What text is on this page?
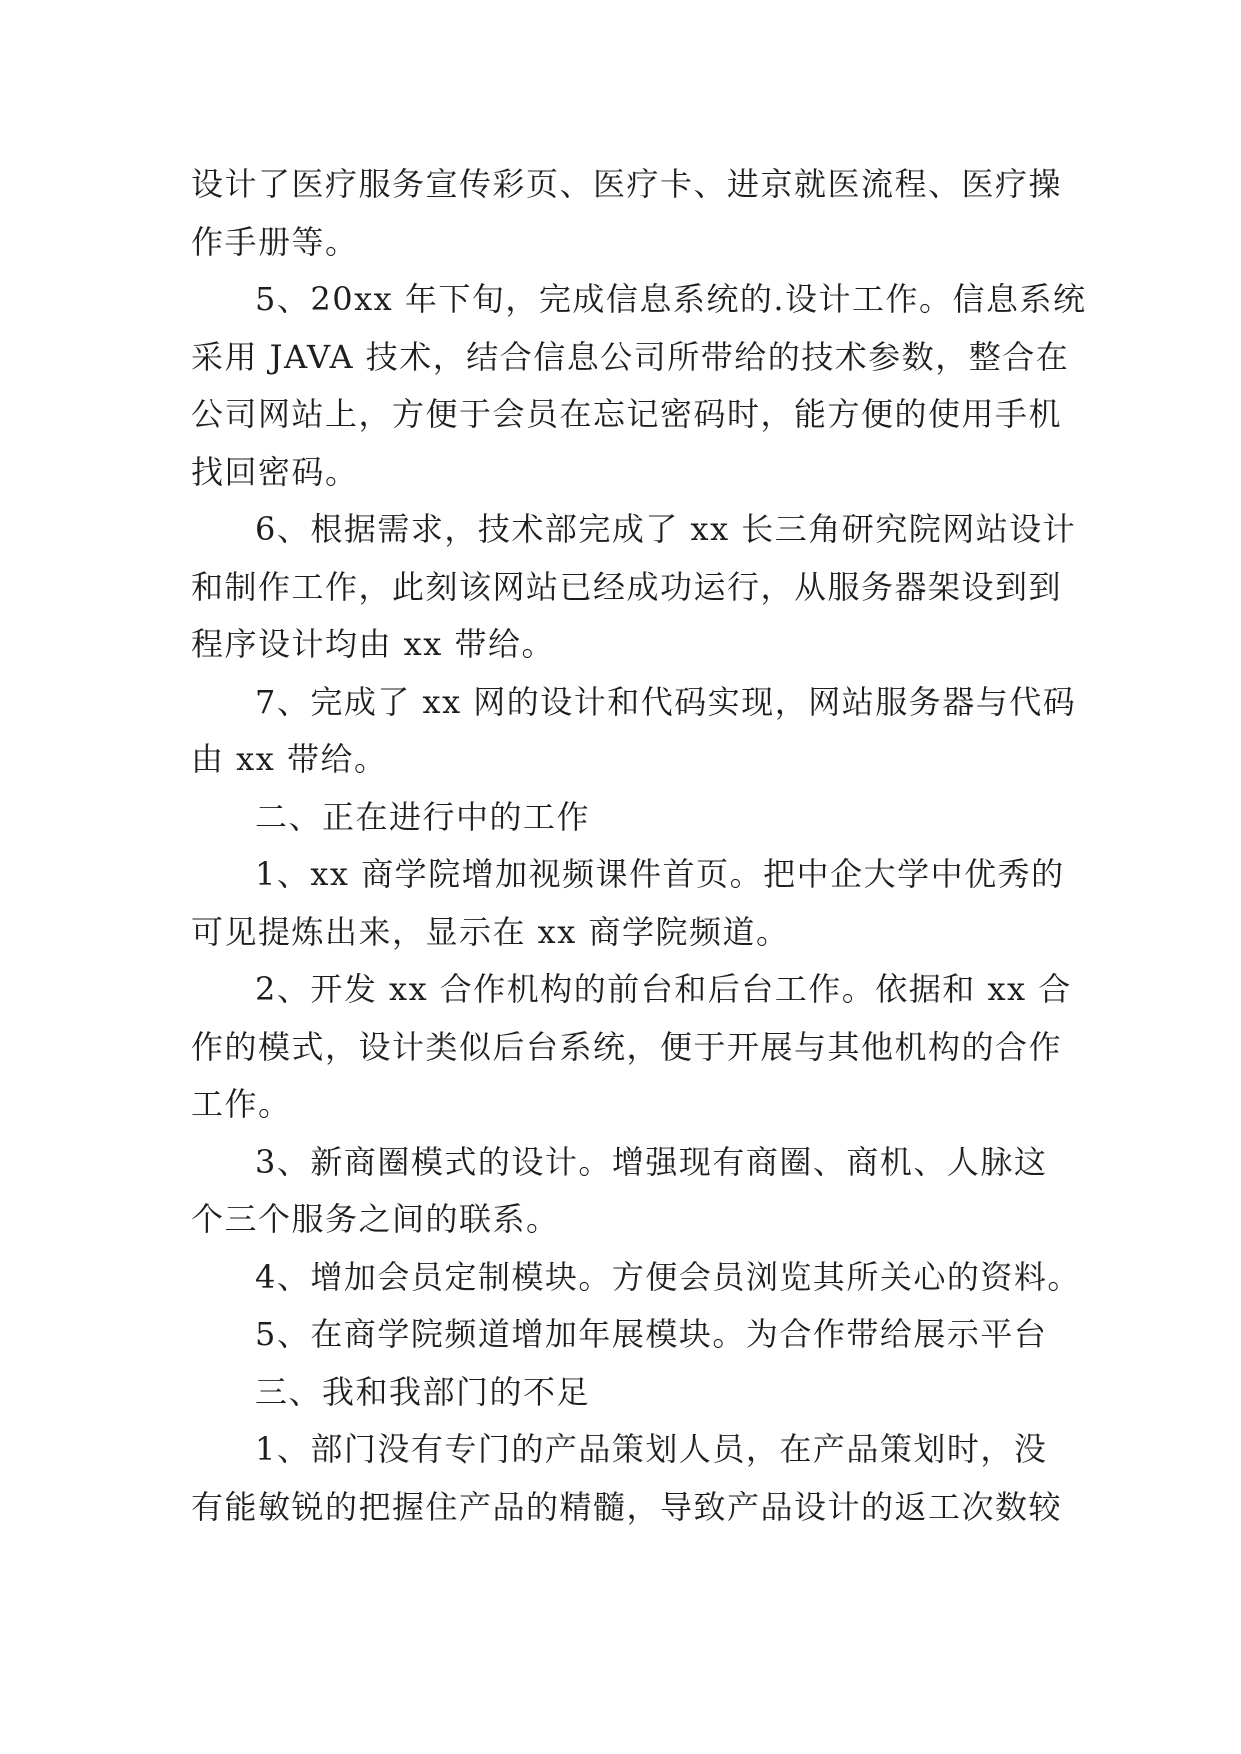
设计了医疗服务宣传彩页、医疗卡、进京就医流程、医疗操
作手册等。
5、20xx 年下旬，完成信息系统的.设计工作。信息系统
采用 JAVA 技术，结合信息公司所带给的技术参数，整合在
公司网站上，方便于会员在忘记密码时，能方便的使用手机
找回密码。
6、根据需求，技术部完成了 xx 长三角研究院网站设计
和制作工作，此刻该网站已经成功运行，从服务器架设到到
程序设计均由 xx 带给。
7、完成了 xx 网的设计和代码实现，网站服务器与代码
由 xx 带给。
二、正在进行中的工作
1、xx 商学院增加视频课件首页。把中企大学中优秀的
可见提炼出来，显示在 xx 商学院频道。
2、开发 xx 合作机构的前台和后台工作。依据和 xx 合
作的模式，设计类似后台系统，便于开展与其他机构的合作
工作。
3、新商圈模式的设计。增强现有商圈、商机、人脉这
个三个服务之间的联系。
4、增加会员定制模块。方便会员浏览其所关心的资料。
5、在商学院频道增加年展模块。为合作带给展示平台
三、我和我部门的不足
1、部门没有专门的产品策划人员，在产品策划时，没
有能敏锐的把握住产品的精髓，导致产品设计的返工次数较
